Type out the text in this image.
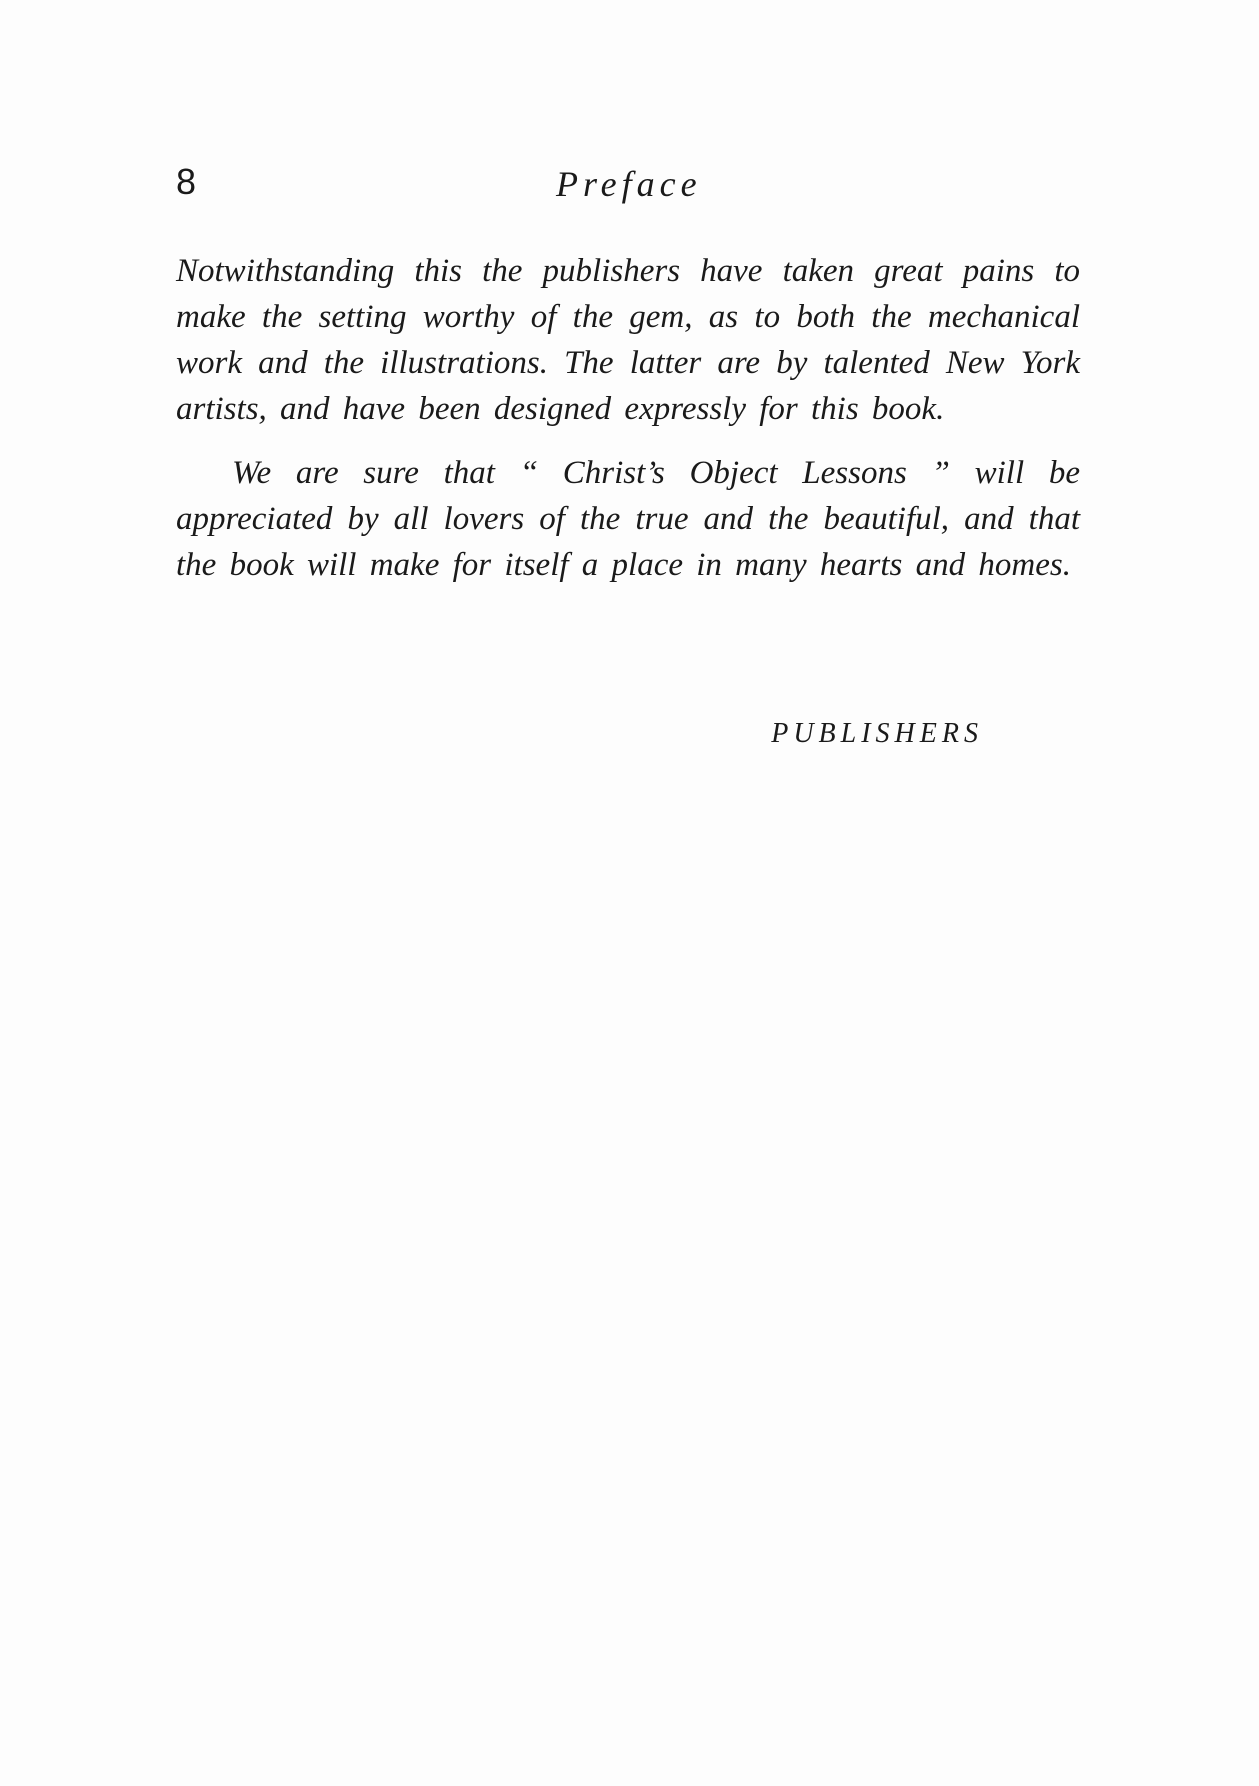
8	Preface

Notwithstanding this the publishers have taken great pains to make the setting worthy of the gem, as to both the mechanical work and the illustrations. The latter are by talented New York artists, and have been designed expressly for this book.

We are sure that “ Christ’s Object Lessons ” will be appreciated by all lovers of the true and the beautiful, and that the book will make for itself a place in many hearts and homes.

PUBLISHERS
